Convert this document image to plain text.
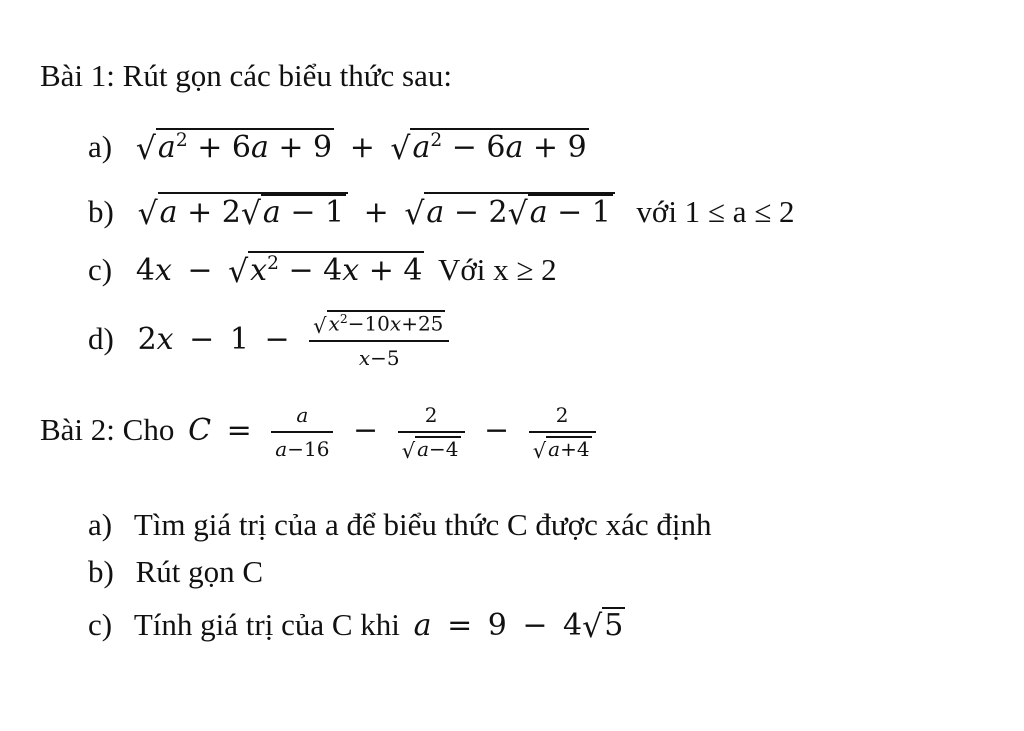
Bài 1: Rút gọn các biểu thức sau:
a) $√a^2 + 6a + 9 + √a^2 - 6a + 9$
b) √a + 2√a − 1 + √a − 2√a − 1 với 1 ≤ a ≤ 2
c) $4x - √x^2 - 4x + 4$ Với x ≥ 2
d) $2x - 1 - \frac{√ x^2-10x+25}{x-5}$
Bài 2: Cho $C = \frac{a}{a-16} - \frac{2}{√ a-4} - \frac{2}{√ a+4}$
a) Tìm giá trị của a để biểu thức C được xác định
b) Rút gọn C
c) Tính giá trị của C khi a = 9 − 4√5
